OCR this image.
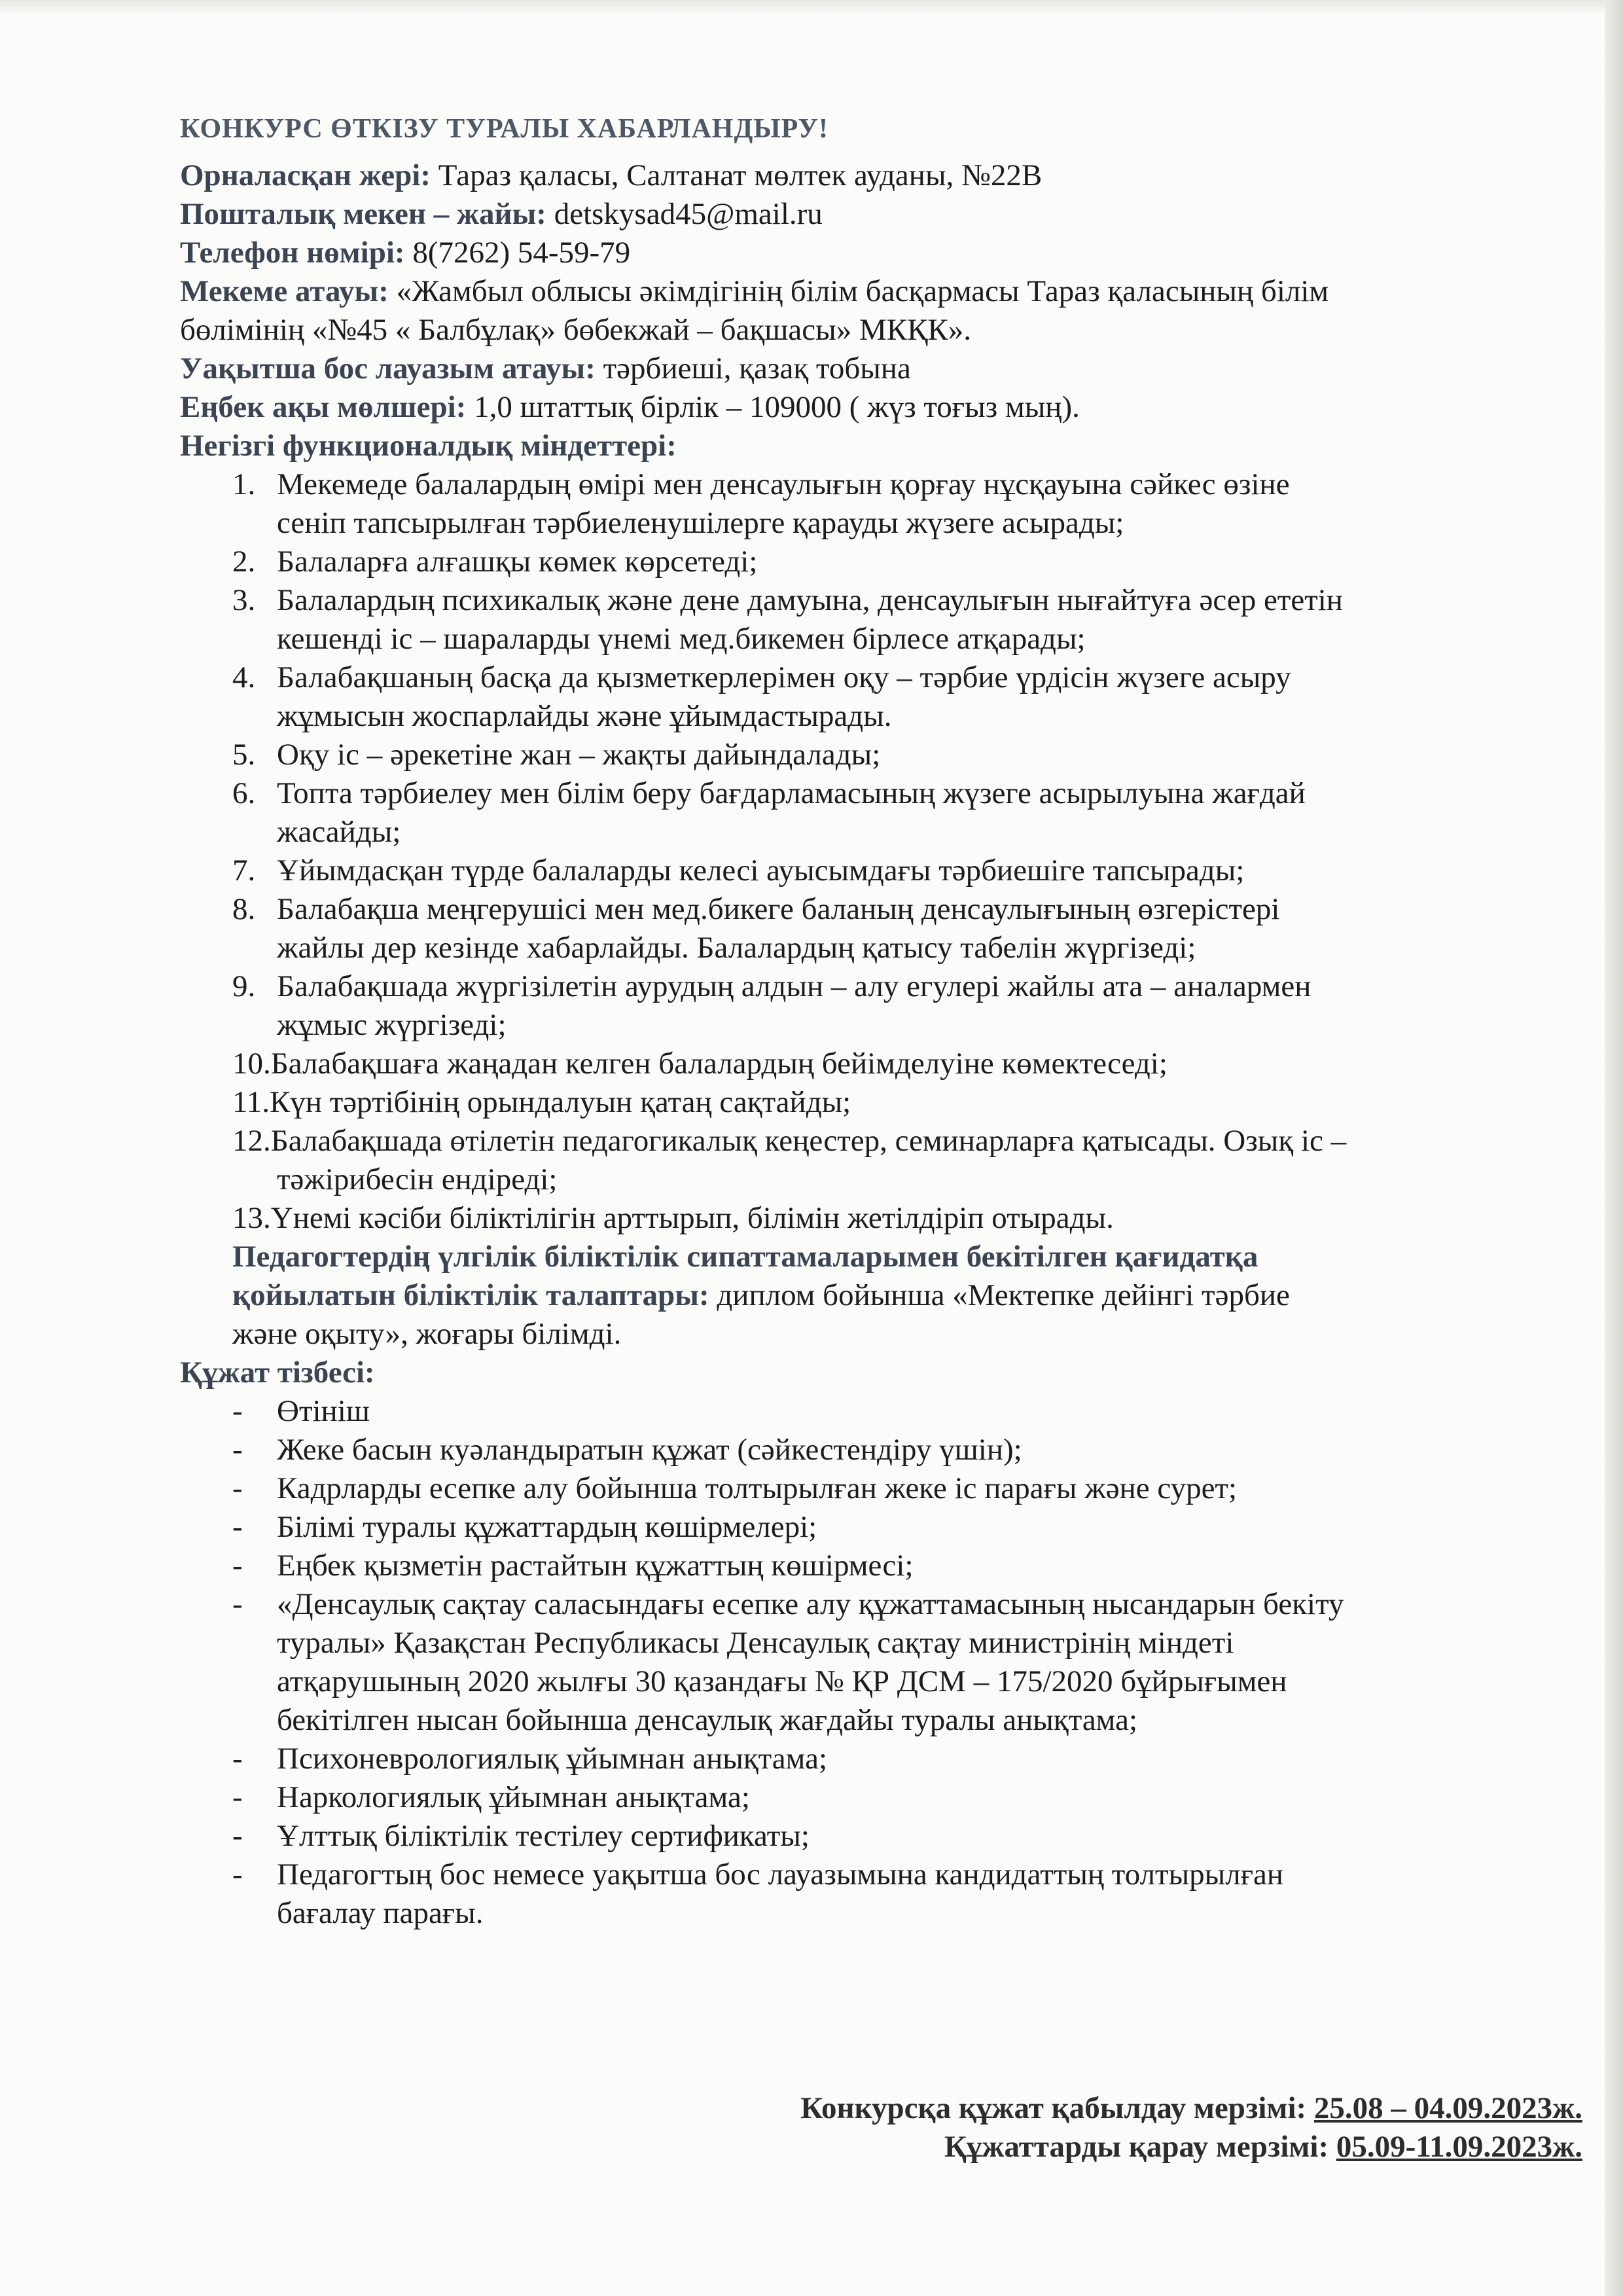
КОНКУРС ӨТКІЗУ ТУРАЛЫ ХАБАРЛАНДЫРУ!
Орналасқан жері: Тараз қаласы, Салтанат мөлтек ауданы, №22В
Пошталық мекен – жайы: detskysad45@mail.ru
Телефон нөмірі: 8(7262) 54-59-79
Мекеме атауы: «Жамбыл облысы әкімдігінің білім басқармасы Тараз қаласының білім
бөлімінің «№45 « Балбұлақ» бөбекжай – бақшасы» МКҚК».
Уақытша бос лауазым атауы: тәрбиеші, қазақ тобына
Еңбек ақы мөлшері: 1,0 штаттық бірлік – 109000 ( жүз тоғыз мың).
Негізгі функционалдық міндеттері:
1. Мекемеде балалардың өмірі мен денсаулығын қорғау нұсқауына сәйкес өзіне
сеніп тапсырылған тәрбиеленушілерге қарауды жүзеге асырады;
2. Балаларға алғашқы көмек көрсетеді;
3. Балалардың психикалық және дене дамуына, денсаулығын нығайтуға әсер ететін
кешенді іс – шараларды үнемі мед.бикемен бірлесе атқарады;
4. Балабақшаның басқа да қызметкерлерімен оқу – тәрбие үрдісін жүзеге асыру
жұмысын жоспарлайды және ұйымдастырады.
5. Оқу іс – әрекетіне жан – жақты дайындалады;
6. Топта тәрбиелеу мен білім беру бағдарламасының жүзеге асырылуына жағдай
жасайды;
7. Ұйымдасқан түрде балаларды келесі ауысымдағы тәрбиешіге тапсырады;
8. Балабақша меңгерушісі мен мед.бикеге баланың денсаулығының өзгерістері
жайлы дер кезінде хабарлайды. Балалардың қатысу табелін жүргізеді;
9. Балабақшада жүргізілетін аурудың алдын – алу егулері жайлы ата – аналармен
жұмыс жүргізеді;
10.Балабақшаға жаңадан келген балалардың бейімделуіне көмектеседі;
11.Күн тәртібінің орындалуын қатаң сақтайды;
12.Балабақшада өтілетін педагогикалық кеңестер, семинарларға қатысады. Озық іс –
тәжірибесін ендіреді;
13.Үнемі кәсіби біліктілігін арттырып, білімін жетілдіріп отырады.
Педагогтердің үлгілік біліктілік сипаттамаларымен бекітілген қағидатқа
қойылатын біліктілік талаптары: диплом бойынша «Мектепке дейінгі тәрбие
және оқыту», жоғары білімді.
Құжат тізбесі:
- Өтініш
- Жеке басын куәландыратын құжат (сәйкестендіру үшін);
- Кадрларды есепке алу бойынша толтырылған жеке іс парағы және сурет;
- Білімі туралы құжаттардың көшірмелері;
- Еңбек қызметін растайтын құжаттың көшірмесі;
- «Денсаулық сақтау саласындағы есепке алу құжаттамасының нысандарын бекіту
туралы» Қазақстан Республикасы Денсаулық сақтау министрінің міндеті
атқарушының 2020 жылғы 30 қазандағы № ҚР ДСМ – 175/2020 бұйрығымен
бекітілген нысан бойынша денсаулық жағдайы туралы анықтама;
- Психоневрологиялық ұйымнан анықтама;
- Наркологиялық ұйымнан анықтама;
- Ұлттық біліктілік тестілеу сертификаты;
- Педагогтың бос немесе уақытша бос лауазымына кандидаттың толтырылған
бағалау парағы.
Конкурсқа құжат қабылдау мерзімі: 25.08 – 04.09.2023ж.
Құжаттарды қарау мерзімі: 05.09-11.09.2023ж.
